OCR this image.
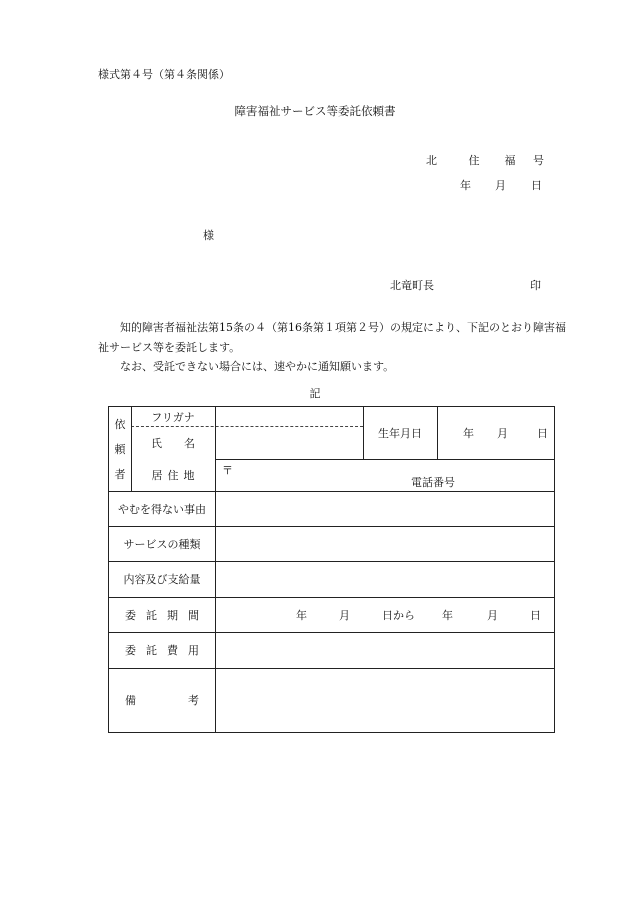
様式第４号（第４条関係）
障害福祉サービス等委託依頼書
北	住 福 号
年 月 日
様
北竜町長	印
知的障害者福祉法第15条の４（第16条第１項第２号）の規定により、下記のとおり障害福祉サービス等を委託します。
なお、受託できない場合には、速やかに通知願います。
記
依
頼
者
フリガナ
氏 名
生年月日	年	月	日
居 住 地	〒
電話番号
やむを得ない事由
サービスの種類
内容及び支給量
委 託 期 間	年	月	日から 年	月	日
委 託 費 用
備	考
